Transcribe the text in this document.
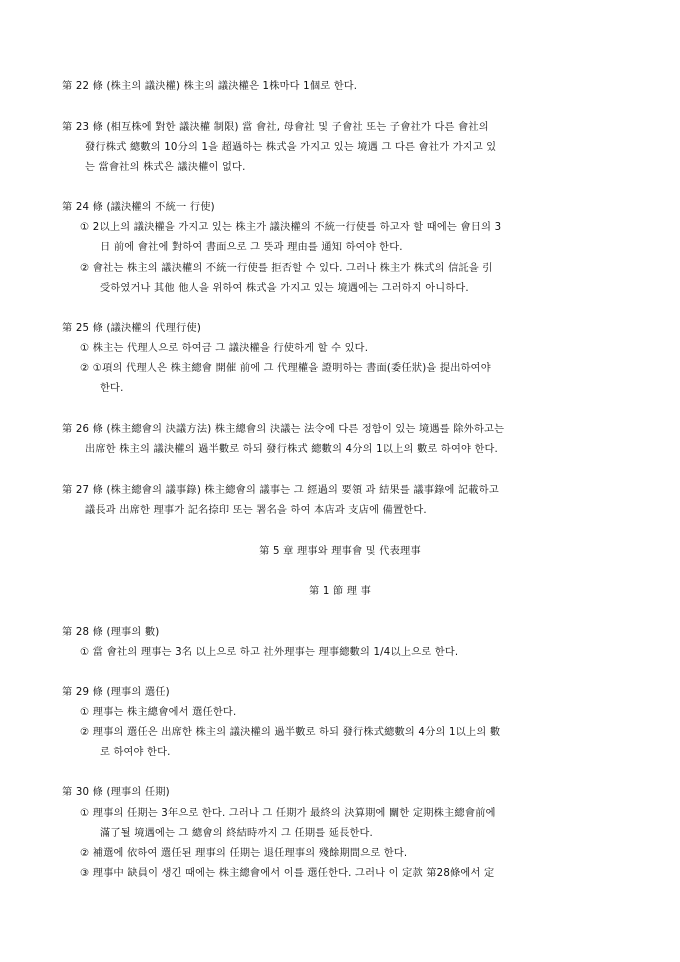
第 22 條 (株主의 議決權) 株主의 議決權은 1株마다 1個로 한다.
第 23 條 (相互株에 對한 議決權 制限) 當 會社, 母會社 및 子會社 또는 子會社가 다른 會社의
發行株式 總數의 10分의 1을 超過하는 株式을 가지고 있는 境遇 그 다른 會社가 가지고 있
는 當會社의 株式은 議決權이 없다.
第 24 條 (議決權의 不統一 行使)
① 2以上의 議決權을 가지고 있는 株主가 議決權의 不統一行使를 하고자 할 때에는 會日의 3
日 前에 會社에 對하여 書面으로 그 뜻과 理由를 通知 하여야 한다.
② 會社는 株主의 議決權의 不統一行使를 拒否할 수 있다. 그러나 株主가 株式의 信託을 引
受하였거나 其他 他人을 위하여 株式을 가지고 있는 境遇에는 그러하지 아니하다.
第 25 條 (議決權의 代理行使)
① 株主는 代理人으로 하여금 그 議決權을 行使하게 할 수 있다.
② ①項의 代理人은 株主總會 開催 前에 그 代理權을 證明하는 書面(委任狀)을 提出하여야
한다.
第 26 條 (株主總會의 決議方法) 株主總會의 決議는 法令에 다른 정함이 있는 境遇를 除外하고는
出席한 株主의 議決權의 過半數로 하되 發行株式 總數의 4分의 1以上의 數로 하여야 한다.
第 27 條 (株主總會의 議事錄) 株主總會의 議事는 그 經過의 要領 과 結果를 議事錄에 記載하고
議長과 出席한 理事가 記名捺印 또는 署名을 하여 本店과 支店에 備置한다.
第 5 章 理事와 理事會 및 代表理事
第 1 節 理 事
第 28 條 (理事의 數)
① 當 會社의 理事는 3名 以上으로 하고 社外理事는 理事總數의 1/4以上으로 한다.
第 29 條 (理事의 選任)
① 理事는 株主總會에서 選任한다.
② 理事의 選任은 出席한 株主의 議決權의 過半數로 하되 發行株式總數의 4分의 1以上의 數
로 하여야 한다.
第 30 條 (理事의 任期)
① 理事의 任期는 3年으로 한다. 그러나 그 任期가 最終의 決算期에 關한 定期株主總會前에
滿了될 境遇에는 그 總會의 終結時까지 그 任期를 延長한다.
② 補選에 依하여 選任된 理事의 任期는 退任理事의 殘餘期間으로 한다.
③ 理事中 缺員이 생긴 때에는 株主總會에서 이를 選任한다. 그러나 이 定款 第28條에서 定
